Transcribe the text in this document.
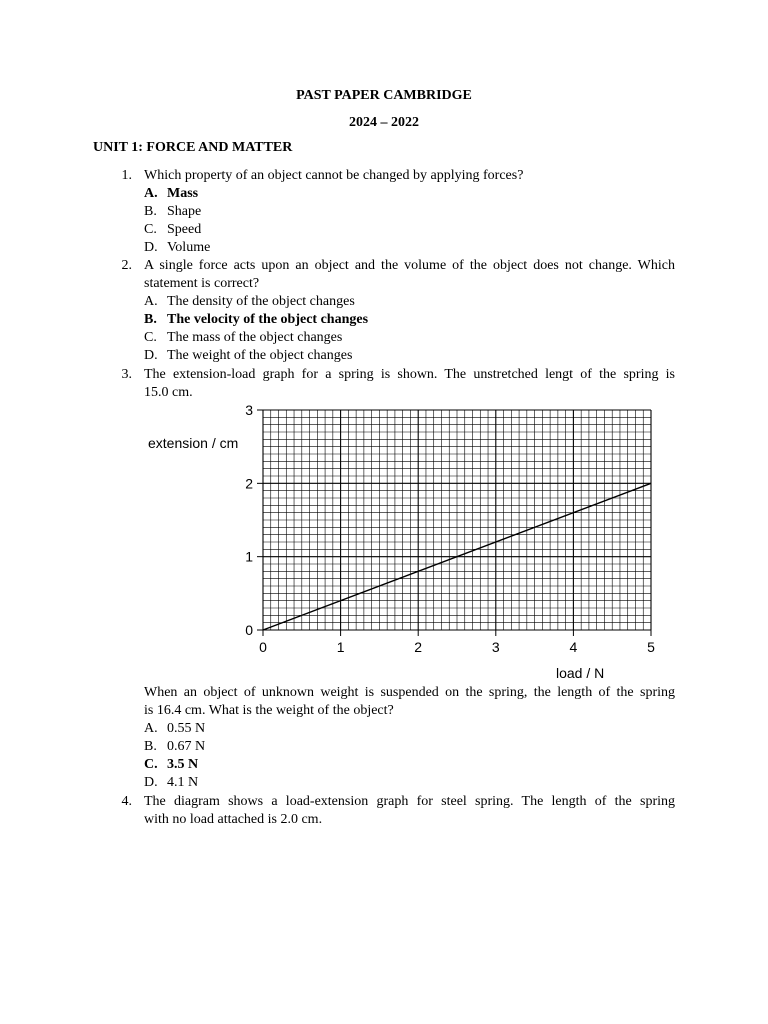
PAST PAPER CAMBRIDGE
2024 – 2022
UNIT 1: FORCE AND MATTER
1. Which property of an object cannot be changed by applying forces?
A. Mass
B. Shape
C. Speed
D. Volume
2. A single force acts upon an object and the volume of the object does not change. Which
statement is correct?
A. The density of the object changes
B. The velocity of the object changes
C. The mass of the object changes
D. The weight of the object changes
3. The extension-load graph for a spring is shown. The unstretched lengt of the spring is
15.0 cm.
0	1	2	3	4	5
0
1
2
3
extension / cm
load / N
When an object of unknown weight is suspended on the spring, the length of the spring
is 16.4 cm. What is the weight of the object?
A. 0.55 N
B. 0.67 N
C. 3.5 N
D. 4.1 N
4. The diagram shows a load-extension graph for steel spring. The length of the spring
with no load attached is 2.0 cm.
